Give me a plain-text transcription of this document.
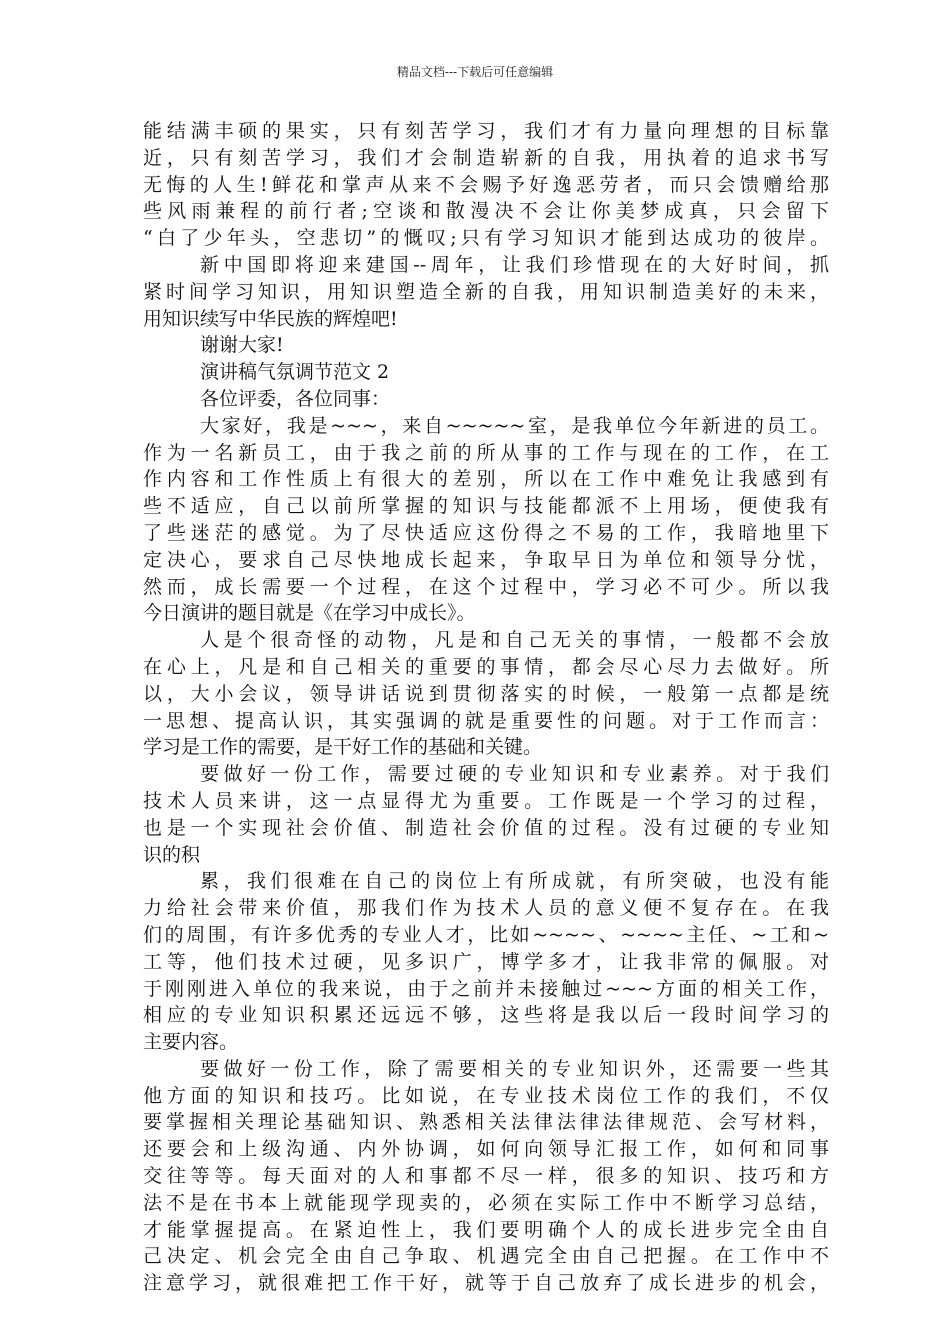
精品文档---下载后可任意编辑
能结满丰硕的果实，只有刻苦学习，我们才有力量向理想的目标靠
近，只有刻苦学习，我们才会制造崭新的自我，用执着的追求书写
无悔的人生!鲜花和掌声从来不会赐予好逸恶劳者，而只会馈赠给那
些风雨兼程的前行者;空谈和散漫决不会让你美梦成真，只会留下
“白了少年头，空悲切”的慨叹;只有学习知识才能到达成功的彼岸。
新中国即将迎来建国--周年，让我们珍惜现在的大好时间，抓
紧时间学习知识，用知识塑造全新的自我，用知识制造美好的未来，
用知识续写中华民族的辉煌吧!
谢谢大家!
演讲稿气氛调节范文 2
各位评委，各位同事：
大家好，我是~~~，来自~~~~~室，是我单位今年新进的员工。
作为一名新员工，由于我之前的所从事的工作与现在的工作，在工
作内容和工作性质上有很大的差别，所以在工作中难免让我感到有
些不适应，自己以前所掌握的知识与技能都派不上用场，便使我有
了些迷茫的感觉。为了尽快适应这份得之不易的工作，我暗地里下
定决心，要求自己尽快地成长起来，争取早日为单位和领导分忧，
然而，成长需要一个过程，在这个过程中，学习必不可少。所以我
今日演讲的题目就是《在学习中成长》。
人是个很奇怪的动物，凡是和自己无关的事情，一般都不会放
在心上，凡是和自己相关的重要的事情，都会尽心尽力去做好。所
以，大小会议，领导讲话说到贯彻落实的时候，一般第一点都是统
一思想、提高认识，其实强调的就是重要性的问题。对于工作而言：
学习是工作的需要，是干好工作的基础和关键。
要做好一份工作，需要过硬的专业知识和专业素养。对于我们
技术人员来讲，这一点显得尤为重要。工作既是一个学习的过程，
也是一个实现社会价值、制造社会价值的过程。没有过硬的专业知
识的积
累，我们很难在自己的岗位上有所成就，有所突破，也没有能
力给社会带来价值，那我们作为技术人员的意义便不复存在。在我
们的周围，有许多优秀的专业人才，比如~~~~、~~~~主任、~工和~
工等，他们技术过硬，见多识广，博学多才，让我非常的佩服。对
于刚刚进入单位的我来说，由于之前并未接触过~~~方面的相关工作，
相应的专业知识积累还远远不够，这些将是我以后一段时间学习的
主要内容。
要做好一份工作，除了需要相关的专业知识外，还需要一些其
他方面的知识和技巧。比如说，在专业技术岗位工作的我们，不仅
要掌握相关理论基础知识、熟悉相关法律法律法律规范、会写材料，
还要会和上级沟通、内外协调，如何向领导汇报工作，如何和同事
交往等等。每天面对的人和事都不尽一样，很多的知识、技巧和方
法不是在书本上就能现学现卖的，必须在实际工作中不断学习总结，
才能掌握提高。在紧迫性上，我们要明确个人的成长进步完全由自
己决定、机会完全由自己争取、机遇完全由自己把握。在工作中不
注意学习，就很难把工作干好，就等于自己放弃了成长进步的机会，
